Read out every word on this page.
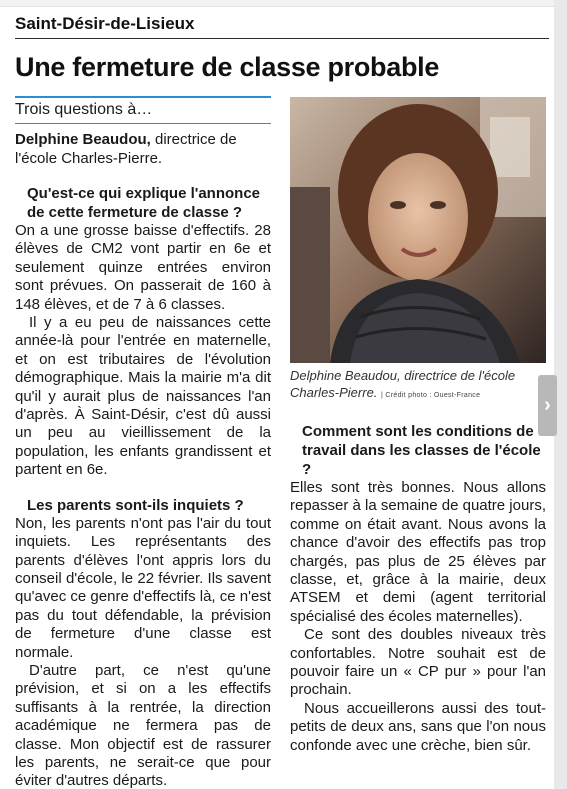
Saint-Désir-de-Lisieux
Une fermeture de classe probable
Trois questions à…
Delphine Beaudou, directrice de l'école Charles-Pierre.
Qu'est-ce qui explique l'annonce de cette fermeture de classe ?

On a une grosse baisse d'effectifs. 28 élèves de CM2 vont partir en 6e et seulement quinze entrées environ sont prévues. On passerait de 160 à 148 élèves, et de 7 à 6 classes.

Il y a eu peu de naissances cette année-là pour l'entrée en maternelle, et on est tributaires de l'évolution démographique. Mais la mairie m'a dit qu'il y aurait plus de naissances l'an d'après. À Saint-Désir, c'est dû aussi un peu au vieillissement de la population, les enfants grandissent et partent en 6e.

Les parents sont-ils inquiets ?

Non, les parents n'ont pas l'air du tout inquiets. Les représentants des parents d'élèves l'ont appris lors du conseil d'école, le 22 février. Ils savent qu'avec ce genre d'effectifs là, ce n'est pas du tout défendable, la prévision de fermeture d'une classe est normale.

D'autre part, ce n'est qu'une prévision, et si on a les effectifs suffisants à la rentrée, la direction académique ne fermera pas de classe. Mon objectif est de rassurer les parents, ne serait-ce que pour éviter d'autres départs.

Delphine Beaudou, directrice de l'école Charles-Pierre. | Crédit photo : Ouest-France
Comment sont les conditions de travail dans les classes de l'école ?

Elles sont très bonnes. Nous allons repasser à la semaine de quatre jours, comme on était avant. Nous avons la chance d'avoir des effectifs pas trop chargés, pas plus de 25 élèves par classe, et, grâce à la mairie, deux ATSEM et demi (agent territorial spécialisé des écoles maternelles).

Ce sont des doubles niveaux très confortables. Notre souhait est de pouvoir faire un « CP pur » pour l'an prochain.

Nous accueillerons aussi des tout-petits de deux ans, sans que l'on nous confonde avec une crèche, bien sûr.

›
